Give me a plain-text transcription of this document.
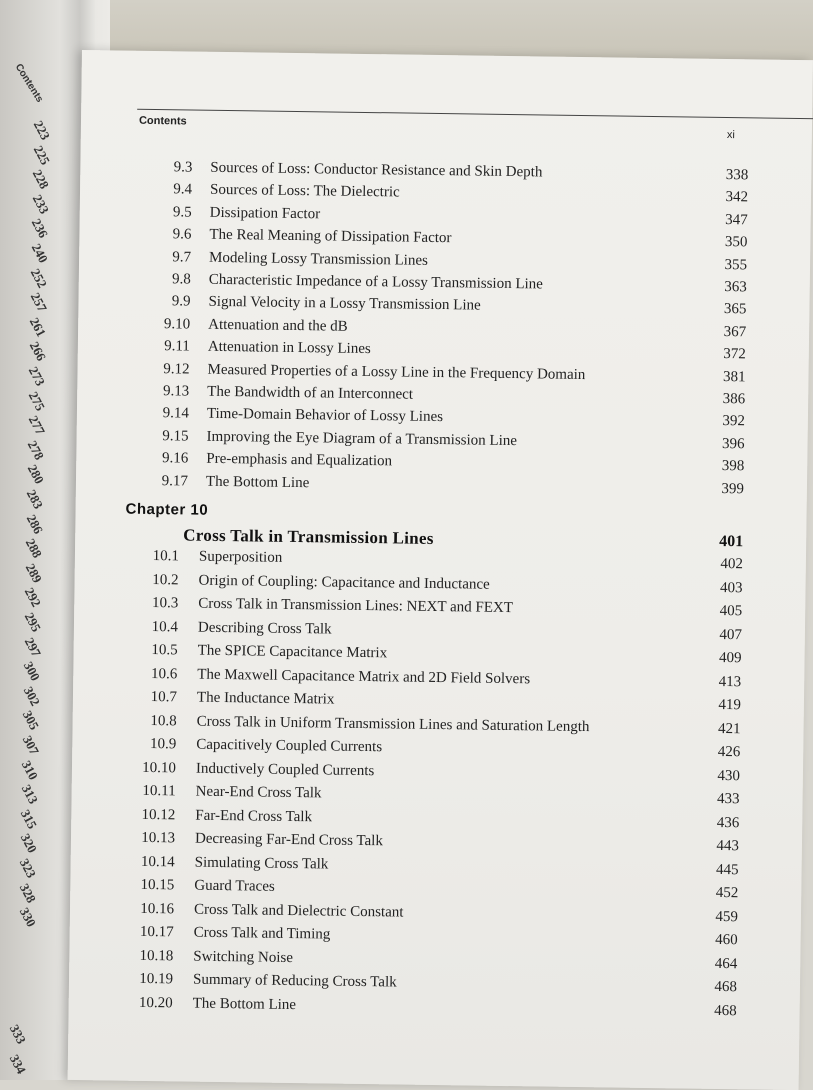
Contents
223
225
228
233
236
240
252
257
261
266
273
275
277
278
280
283
286
288
289
292
295
297
300
302
305
307
310
313
315
320
323
328
330
333
334
Contents
xi
Chapter 10
Cross Talk in Transmission Lines	401
9.3 Sources of Loss: Conductor Resistance and Skin Depth	338
9.4 Sources of Loss: The Dielectric	342
9.5 Dissipation Factor	347
9.6 The Real Meaning of Dissipation Factor	350
9.7 Modeling Lossy Transmission Lines	355
9.8 Characteristic Impedance of a Lossy Transmission Line	363
9.9 Signal Velocity in a Lossy Transmission Line	365
9.10 Attenuation and the dB	367
9.11 Attenuation in Lossy Lines	372
9.12 Measured Properties of a Lossy Line in the Frequency Domain	381
9.13 The Bandwidth of an Interconnect	386
9.14 Time-Domain Behavior of Lossy Lines	392
9.15 Improving the Eye Diagram of a Transmission Line	396
9.16 Pre-emphasis and Equalization	398
9.17 The Bottom Line	399
10.1 Superposition	402
10.2 Origin of Coupling: Capacitance and Inductance	403
10.3 Cross Talk in Transmission Lines: NEXT and FEXT	405
10.4 Describing Cross Talk	407
10.5 The SPICE Capacitance Matrix	409
10.6 The Maxwell Capacitance Matrix and 2D Field Solvers	413
10.7 The Inductance Matrix	419
10.8 Cross Talk in Uniform Transmission Lines and Saturation Length	421
10.9 Capacitively Coupled Currents	426
10.10 Inductively Coupled Currents	430
10.11 Near-End Cross Talk	433
10.12 Far-End Cross Talk	436
10.13 Decreasing Far-End Cross Talk	443
10.14 Simulating Cross Talk	445
10.15 Guard Traces	452
10.16 Cross Talk and Dielectric Constant	459
10.17 Cross Talk and Timing	460
10.18 Switching Noise	464
10.19 Summary of Reducing Cross Talk	468
10.20 The Bottom Line	468
